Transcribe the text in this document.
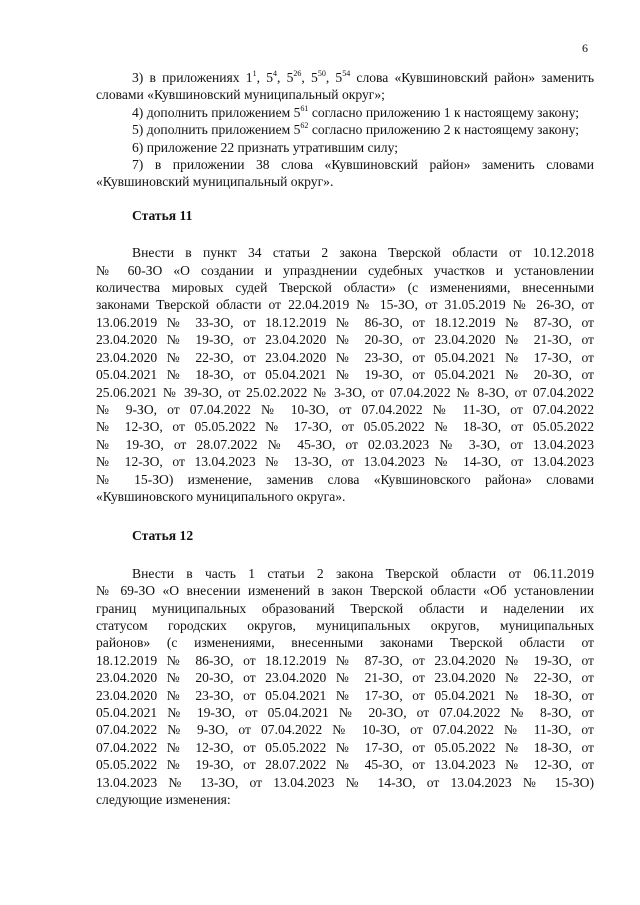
6

3) в приложениях $1^1$, $5^4$, $5^{26}$, $5^{50}$, $5^{54}$ слова «Кувшиновский район» заменить словами «Кувшиновский муниципальный округ»;

4) дополнить приложением $5^{61}$ согласно приложению 1 к настоящему закону;

5) дополнить приложением $5^{62}$ согласно приложению 2 к настоящему закону;

6) приложение 22 признать утратившим силу;

7) в приложении 38 слова «Кувшиновский район» заменить словами «Кувшиновский муниципальный округ».

Статья 11

Внести в пункт 34 статьи 2 закона Тверской области от 10.12.2018
№ 60-ЗО «О создании и упразднении судебных участков и установлении
количества мировых судей Тверской области» (с изменениями, внесенными
законами Тверской области от 22.04.2019 № 15-ЗО, от 31.05.2019 № 26-ЗО, от
13.06.2019 № 33-ЗО, от 18.12.2019 № 86-ЗО, от 18.12.2019 № 87-ЗО, от
23.04.2020 № 19-ЗО, от 23.04.2020 № 20-ЗО, от 23.04.2020 № 21-ЗО, от
23.04.2020 № 22-ЗО, от 23.04.2020 № 23-ЗО, от 05.04.2021 № 17-ЗО, от
05.04.2021 № 18-ЗО, от 05.04.2021 № 19-ЗО, от 05.04.2021 № 20-ЗО, от
25.06.2021 № 39-ЗО, от 25.02.2022 № 3-ЗО, от 07.04.2022 № 8-ЗО, от 07.04.2022
№ 9-ЗО, от 07.04.2022 № 10-ЗО, от 07.04.2022 № 11-ЗО, от 07.04.2022
№ 12-ЗО, от 05.05.2022 № 17-ЗО, от 05.05.2022 № 18-ЗО, от 05.05.2022
№ 19-ЗО, от 28.07.2022 № 45-ЗО, от 02.03.2023 № 3-ЗО, от 13.04.2023
№ 12-ЗО, от 13.04.2023 № 13-ЗО, от 13.04.2023 № 14-ЗО, от 13.04.2023
№ 15-ЗО) изменение, заменив слова «Кувшиновского района» словами
«Кувшиновского муниципального округа».

Статья 12

Внести в часть 1 статьи 2 закона Тверской области от 06.11.2019
№ 69-ЗО «О внесении изменений в закон Тверской области «Об установлении
границ муниципальных образований Тверской области и наделении их
статусом городских округов, муниципальных округов, муниципальных
районов» (с изменениями, внесенными законами Тверской области от
18.12.2019 № 86-ЗО, от 18.12.2019 № 87-ЗО, от 23.04.2020 № 19-ЗО, от
23.04.2020 № 20-ЗО, от 23.04.2020 № 21-ЗО, от 23.04.2020 № 22-ЗО, от
23.04.2020 № 23-ЗО, от 05.04.2021 № 17-ЗО, от 05.04.2021 № 18-ЗО, от
05.04.2021 № 19-ЗО, от 05.04.2021 № 20-ЗО, от 07.04.2022 № 8-ЗО, от
07.04.2022 № 9-ЗО, от 07.04.2022 № 10-ЗО, от 07.04.2022 № 11-ЗО, от
07.04.2022 № 12-ЗО, от 05.05.2022 № 17-ЗО, от 05.05.2022 № 18-ЗО, от
05.05.2022 № 19-ЗО, от 28.07.2022 № 45-ЗО, от 13.04.2023 № 12-ЗО, от
13.04.2023 № 13-ЗО, от 13.04.2023 № 14-ЗО, от 13.04.2023 № 15-ЗО)
следующие изменения:
